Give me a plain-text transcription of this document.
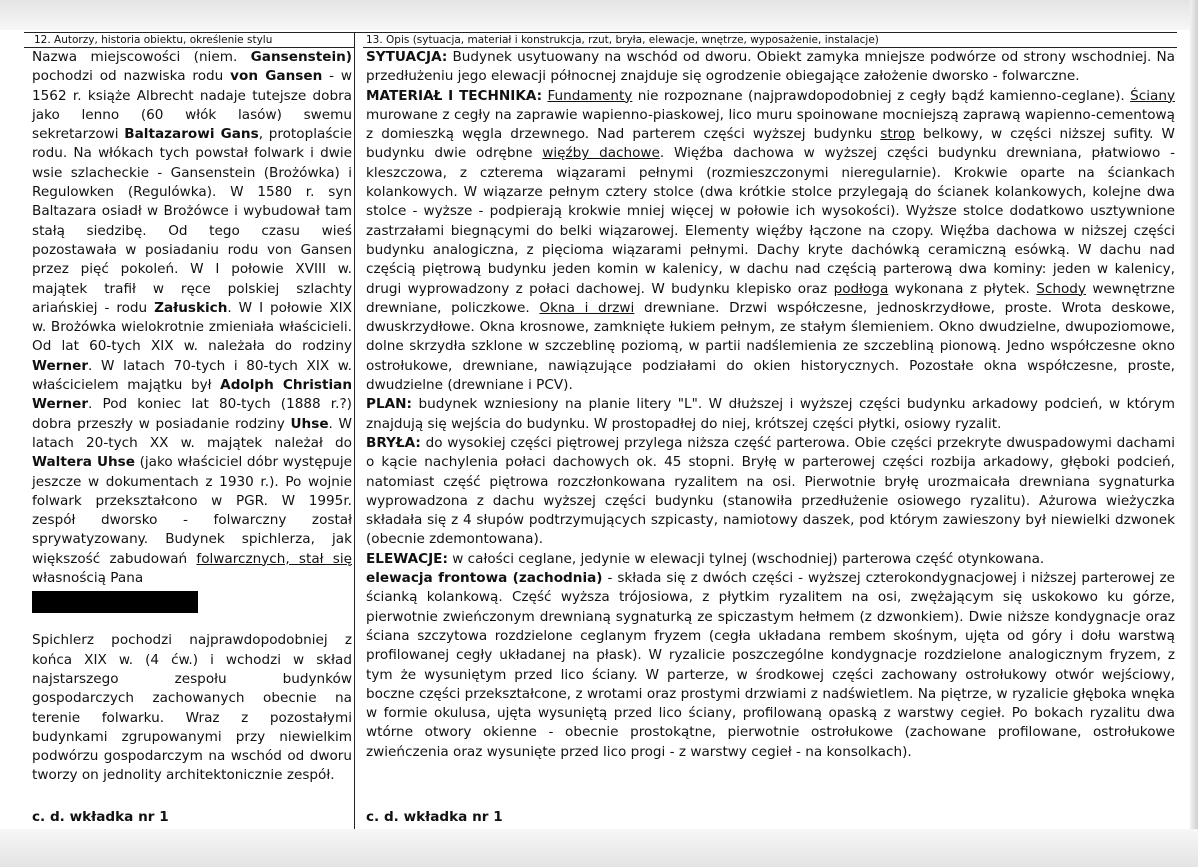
12. Autorzy, historia obiektu, określenie stylu

Nazwa miejscowości (niem. Gansenstein) pochodzi od nazwiska rodu von Gansen - w 1562 r. książe Albrecht nadaje tutejsze dobra jako lenno (60 włók lasów) swemu sekretarzowi Baltazarowi Gans, protoplaście rodu. Na włókach tych powstał folwark i dwie wsie szlacheckie - Gansenstein (Brożówka) i Regulowken (Regulówka). W 1580 r. syn Baltazara osiadł w Brożówce i wybudował tam stałą siedzibę. Od tego czasu wieś pozostawała w posiadaniu rodu von Gansen przez pięć pokoleń. W I połowie XVIII w. majątek trafił w ręce polskiej szlachty ariańskiej - rodu Załuskich. W I połowie XIX w. Brożówka wielokrotnie zmieniała właścicieli. Od lat 60-tych XIX w. należała do rodziny Werner. W latach 70-tych i 80-tych XIX w. właścicielem majątku był Adolph Christian Werner. Pod koniec lat 80-tych (1888 r.?) dobra przeszły w posiadanie rodziny Uhse. W latach 20-tych XX w. majątek należał do Waltera Uhse (jako właściciel dóbr występuje jeszcze w dokumentach z 1930 r.). Po wojnie folwark przekształcono w PGR. W 1995r. zespół dworsko - folwarczny został sprywatyzowany. Budynek spichlerza, jak większość zabudowań folwarcznych, stał się własnością Pana

Spichlerz pochodzi najprawdopodobniej z końca XIX w. (4 ćw.) i wchodzi w skład najstarszego zespołu budynków gospodarczych zachowanych obecnie na terenie folwarku. Wraz z pozostałymi budynkami zgrupowanymi przy niewielkim podwórzu gospodarczym na wschód od dworu tworzy on jednolity architektonicznie zespół.

c. d. wkładka nr 1
13. Opis (sytuacja, materiał i konstrukcja, rzut, bryła, elewacje, wnętrze, wyposażenie, instalacje)

SYTUACJA: Budynek usytuowany na wschód od dworu. Obiekt zamyka mniejsze podwórze od strony wschodniej. Na przedłużeniu jego elewacji północnej znajduje się ogrodzenie obiegające założenie dworsko - folwarczne.

MATERIAŁ I TECHNIKA: Fundamenty nie rozpoznane (najprawdopodobniej z cegły bądź kamienno-ceglane). Ściany murowane z cegły na zaprawie wapienno-piaskowej, lico muru spoinowane mocniejszą zaprawą wapienno-cementową z domieszką węgla drzewnego. Nad parterem części wyższej budynku strop belkowy, w części niższej sufity. W budynku dwie odrębne więźby dachowe. Więźba dachowa w wyższej części budynku drewniana, płatwiowo - kleszczowa, z czterema wiązarami pełnymi (rozmieszczonymi nieregularnie). Krokwie oparte na ściankach kolankowych. W wiązarze pełnym cztery stolce (dwa krótkie stolce przylegają do ścianek kolankowych, kolejne dwa stolce - wyższe - podpierają krokwie mniej więcej w połowie ich wysokości). Wyższe stolce dodatkowo usztywnione zastrzałami biegnącymi do belki wiązarowej. Elementy więźby łączone na czopy. Więźba dachowa w niższej części budynku analogiczna, z pięcioma wiązarami pełnymi. Dachy kryte dachówką ceramiczną esówką. W dachu nad częścią piętrową budynku jeden komin w kalenicy, w dachu nad częścią parterową dwa kominy: jeden w kalenicy, drugi wyprowadzony z połaci dachowej. W budynku klepisko oraz podłoga wykonana z płytek. Schody wewnętrzne drewniane, policzkowe. Okna i drzwi drewniane. Drzwi współczesne, jednoskrzydłowe, proste. Wrota deskowe, dwuskrzydłowe. Okna krosnowe, zamknięte łukiem pełnym, ze stałym ślemieniem. Okno dwudzielne, dwupoziomowe, dolne skrzydła szklone w szczeblinę poziomą, w partii nadślemienia ze szczebliną pionową. Jedno współczesne okno ostrołukowe, drewniane, nawiązujące podziałami do okien historycznych. Pozostałe okna współczesne, proste, dwudzielne (drewniane i PCV).

PLAN: budynek wzniesiony na planie litery "L". W dłuższej i wyższej części budynku arkadowy podcień, w którym znajdują się wejścia do budynku. W prostopadłej do niej, krótszej części płytki, osiowy ryzalit.

BRYŁA: do wysokiej części piętrowej przylega niższa część parterowa. Obie części przekryte dwuspadowymi dachami o kącie nachylenia połaci dachowych ok. 45 stopni. Bryłę w parterowej części rozbija arkadowy, głęboki podcień, natomiast część piętrowa rozczłonkowana ryzalitem na osi. Pierwotnie bryłę urozmaicała drewniana sygnaturka wyprowadzona z dachu wyższej części budynku (stanowiła przedłużenie osiowego ryzalitu). Ażurowa wieżyczka składała się z 4 słupów podtrzymujących szpicasty, namiotowy daszek, pod którym zawieszony był niewielki dzwonek (obecnie zdemontowana).

ELEWACJE: w całości ceglane, jedynie w elewacji tylnej (wschodniej) parterowa część otynkowana.

elewacja frontowa (zachodnia) - składa się z dwóch części - wyższej czterokondygnacjowej i niższej parterowej ze ścianką kolankową. Część wyższa trójosiowa, z płytkim ryzalitem na osi, zwężającym się uskokowo ku górze, pierwotnie zwieńczonym drewnianą sygnaturką ze spiczastym hełmem (z dzwonkiem). Dwie niższe kondygnacje oraz ściana szczytowa rozdzielone ceglanym fryzem (cegła układana rembem skośnym, ujęta od góry i dołu warstwą profilowanej cegły układanej na płask). W ryzalicie poszczególne kondygnacje rozdzielone analogicznym fryzem, z tym że wysuniętym przed lico ściany. W parterze, w środkowej części zachowany ostrołukowy otwór wejściowy, boczne części przekształcone, z wrotami oraz prostymi drzwiami z nadświetlem. Na piętrze, w ryzalicie głęboka wnęka w formie okulusa, ujęta wysuniętą przed lico ściany, profilowaną opaską z warstwy cegieł. Po bokach ryzalitu dwa wtórne otwory okienne - obecnie prostokątne, pierwotnie ostrołukowe (zachowane profilowane, ostrołukowe zwieńczenia oraz wysunięte przed lico progi - z warstwy cegieł - na konsolkach).

c. d. wkładka nr 1
